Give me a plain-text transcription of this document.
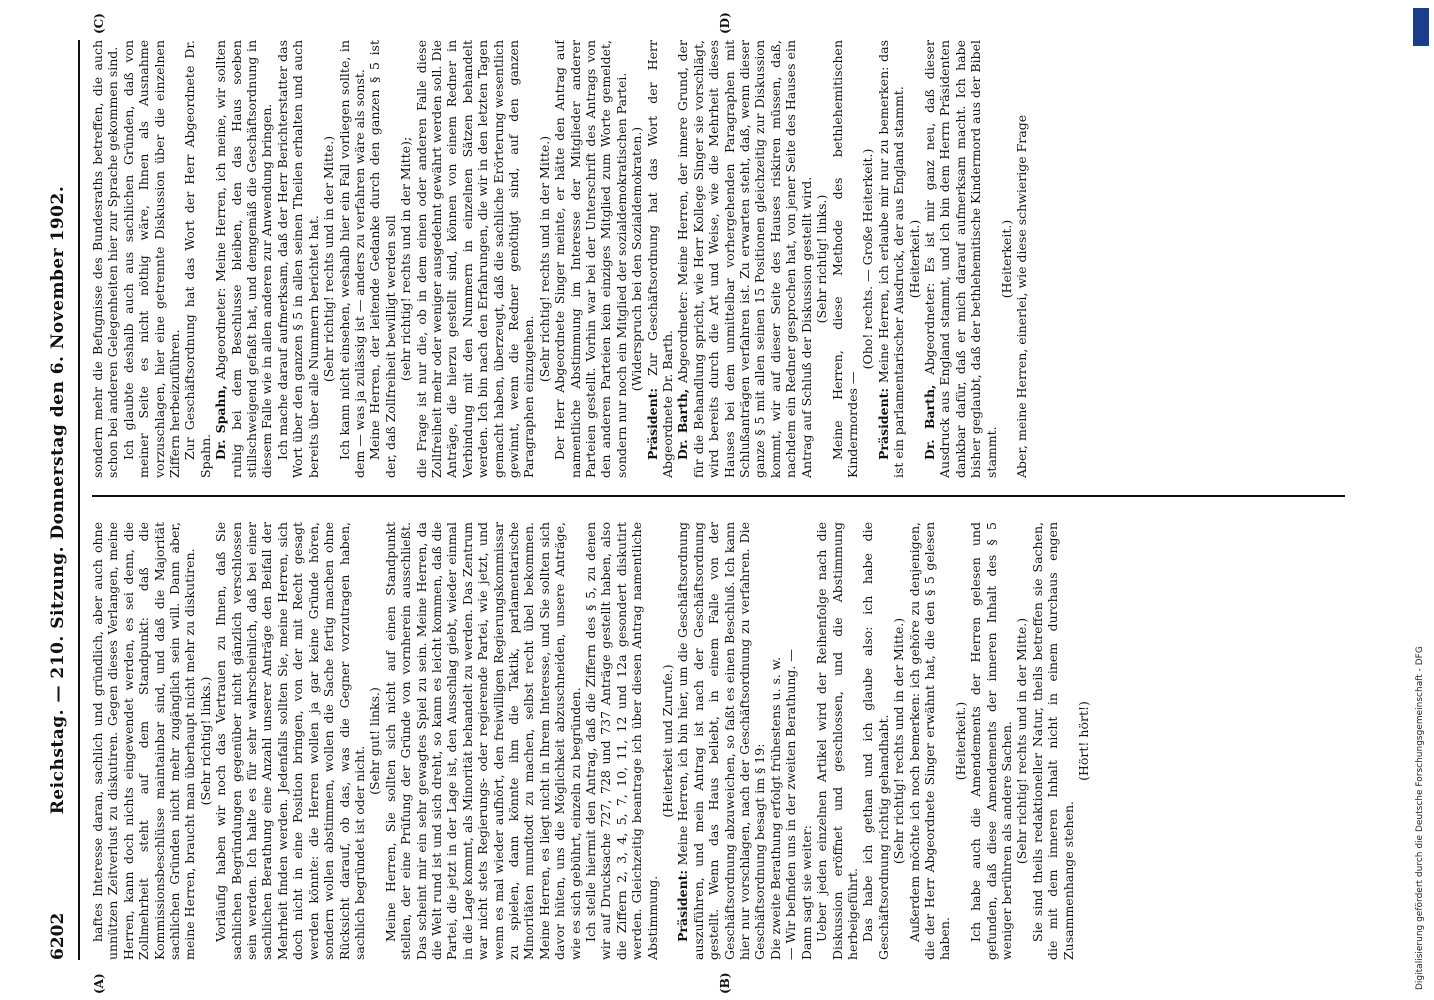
6202
Reichstag. — 210. Sitzung. Donnerstag den 6. November 1902.
(A)	(B)
(C)	(D)

haftes Interesse daran, sachlich und gründlich, aber auch ohne unnützen Zeitverlust zu diskutiren. Gegen dieses Verlangen, meine Herren, kann doch nichts eingewendet werden, es sei denn, die Zollmehrheit steht auf dem Standpunkt: daß die Kommissionsbeschlüsse maintainbar sind, und daß die Majorität sachlichen Gründen nicht mehr zugänglich sein will. Dann aber, meine Herren, braucht man überhaupt nicht mehr zu diskutiren. (Sehr richtig! links.) Vorläufig haben wir noch das Vertrauen zu Ihnen, daß Sie sachlichen Begründungen gegenüber nicht gänzlich verschlossen sein werden. Ich halte es für sehr wahrscheinlich, daß bei einer sachlichen Berathung eine Anzahl unserer Anträge den Beifall der Mehrheit finden werden. Jedenfalls sollten Sie, meine Herren, sich doch nicht in eine Position bringen, von der mit Recht gesagt werden könnte: die Herren wollen ja gar keine Gründe hören, sondern wollen abstimmen, wollen die Sache fertig machen ohne Rücksicht darauf, ob das, was die Gegner vorzutragen haben, sachlich begründet ist oder nicht.

(Sehr gut! links.) Meine Herren, Sie sollten sich nicht auf einen Standpunkt stellen, der eine Prüfung der Gründe von vornherein ausschließt. Das scheint mir ein sehr gewagtes Spiel zu sein. Meine Herren, da die Welt rund ist und sich dreht, so kann es leicht kommen, daß die Partei, die jetzt in der Lage ist, den Ausschlag giebt, wieder einmal in die Lage kommt, als Minorität behandelt zu werden. Das Zentrum war nicht stets Regierungs- oder regierende Partei, wie jetzt, und wenn es mal wieder aufhört, den freiwilligen Regierungskommissar zu spielen, dann könnte ihm die Taktik, parlamentarische Minoritäten mundtodt zu machen, selbst recht übel bekommen. Meine Herren, es liegt nicht in Ihrem Interesse, und Sie sollten sich davor hüten, uns die Möglichkeit abzuschneiden, unsere Anträge, wie es sich gebührt, einzeln zu begründen. Ich stelle hiermit den Antrag, daß die Ziffern des § 5, zu denen wir auf Drucksache 727, 728 und 737 Anträge gestellt haben, also die Ziffern 2, 3, 4, 5, 7, 10, 11, 12 und 12a gesondert diskutirt werden. Gleichzeitig beantrage ich über diesen Antrag namentliche Abstimmung.

(Heiterkeit und Zurufe.)

Präsident: Meine Herren, ich bin hier, um die Geschäftsordnung auszuführen, und mein Antrag ist nach der Geschäftsordnung gestellt. Wenn das Haus beliebt, in einem Falle von der Geschäftsordnung abzuweichen, so faßt es einen Beschluß. Ich kann hier nur vorschlagen, nach der Geschäftsordnung zu verfahren. Die Geschäftsordnung besagt im § 19: Die zweite Berathung erfolgt frühestens u. s. w. — Wir befinden uns in der zweiten Berathung. — Dann sagt sie weiter: Ueber jeden einzelnen Artikel wird der Reihenfolge nach die Diskussion eröffnet und geschlossen, und die Abstimmung herbeigeführt. Das habe ich gethan und ich glaube also: ich habe die Geschäftsordnung richtig gehandhabt. (Sehr richtig! rechts und in der Mitte.) Außerdem möchte ich noch bemerken: ich gehöre zu denjenigen, die der Herr Abgeordnete Singer erwähnt hat, die den § 5 gelesen haben.

(Heiterkeit.) Ich habe auch die Amendements der Herren gelesen und gefunden, daß diese Amendements der inneren Inhalt des § 5 weniger berühren als andere Sachen. (Sehr richtig! rechts und in der Mitte.) Sie sind theils redaktioneller Natur, theils betreffen sie Sachen, die mit dem inneren Inhalt nicht in einem durchaus engen Zusammenhange stehen.

(Hört! hört!)

sondern mehr die Befugnisse des Bundesraths betreffen, die auch schon bei anderen Gelegenheiten hier zur Sprache gekommen sind. Ich glaubte deshalb auch aus sachlichen Gründen, daß von meiner Seite es nicht nöthig wäre, Ihnen als Ausnahme vorzuschlagen, hier eine getrennte Diskussion über die einzelnen Ziffern herbeizuführen. Zur Geschäftsordnung hat das Wort der Herr Abgeordnete Dr. Spahn. Dr. Spahn, Abgeordneter: Meine Herren, ich meine, wir sollten ruhig bei dem Beschlusse bleiben, den das Haus soeben stillschweigend gefaßt hat, und demgemäß die Geschäftsordnung in diesem Falle wie in allen anderen zur Anwendung bringen. Ich mache darauf aufmerksam, daß der Herr Berichterstatter das Wort über den ganzen § 5 in allen seinen Theilen erhalten und auch bereits über alle Nummern berichtet hat. (Sehr richtig! rechts und in der Mitte.) Ich kann nicht einsehen, weshalb hier ein Fall vorliegen sollte, in dem — was ja zulässig ist — anders zu verfahren wäre als sonst. Meine Herren, der leitende Gedanke durch den ganzen § 5 ist der, daß Zollfreiheit bewilligt werden soll (sehr richtig! rechts und in der Mitte); die Frage ist nur die, ob in dem einen oder anderen Falle diese Zollfreiheit mehr oder weniger ausgedehnt gewährt werden soll. Die Anträge, die hierzu gestellt sind, können von einem Redner in Verbindung mit den Nummern in einzelnen Sätzen behandelt werden. Ich bin nach den Erfahrungen, die wir in den letzten Tagen gemacht haben, überzeugt, daß die sachliche Erörterung wesentlich gewinnt, wenn die Redner genöthigt sind, auf den ganzen Paragraphen einzugehen.

(Sehr richtig! rechts und in der Mitte.) Der Herr Abgeordnete Singer meinte, er hätte den Antrag auf namentliche Abstimmung im Interesse der Mitglieder anderer Parteien gestellt. Vorhin war bei der Unterschrift des Antrags von den anderen Parteien kein einziges Mitglied zum Worte gemeldet, sondern nur noch ein Mitglied der sozialdemokratischen Partei. (Widerspruch bei den Sozialdemokraten.)

Präsident: Zur Geschäftsordnung hat das Wort der Herr Abgeordnete Dr. Barth. Dr. Barth, Abgeordneter: Meine Herren, der innere Grund, der für die Behandlung spricht, wie Herr Kollege Singer sie vorschlägt, wird bereits durch die Art und Weise, wie die Mehrheit dieses Hauses bei dem unmittelbar vorhergehenden Paragraphen mit Schlußanträgen verfahren ist. Zu erwarten steht, daß, wenn dieser ganze § 5 mit allen seinen 15 Positionen gleichzeitig zur Diskussion kommt, wir auf dieser Seite des Hauses riskiren müssen, daß, nachdem ein Redner gesprochen hat, von jener Seite des Hauses ein Antrag auf Schluß der Diskussion gestellt wird. (Sehr richtig! links.) Meine Herren, diese Methode des bethlehemitischen Kindermordes —

(Oho! rechts. — Große Heiterkeit.)

Präsident: Meine Herren, ich erlaube mir nur zu bemerken: das ist ein parlamentarischer Ausdruck, der aus England stammt. (Heiterkeit.)

Dr. Barth, Abgeordneter: Es ist mir ganz neu, daß dieser Ausdruck aus England stammt, und ich bin dem Herrn Präsidenten dankbar dafür, daß er mich darauf aufmerksam macht. Ich habe bisher geglaubt, daß der bethlehemitische Kindermord aus der Bibel stammt.

(Heiterkeit.) Aber, meine Herren, einerlei, wie diese schwierige Frage

Digitalisierung gefördert durch die Deutsche Forschungsgemeinschaft - DFG
